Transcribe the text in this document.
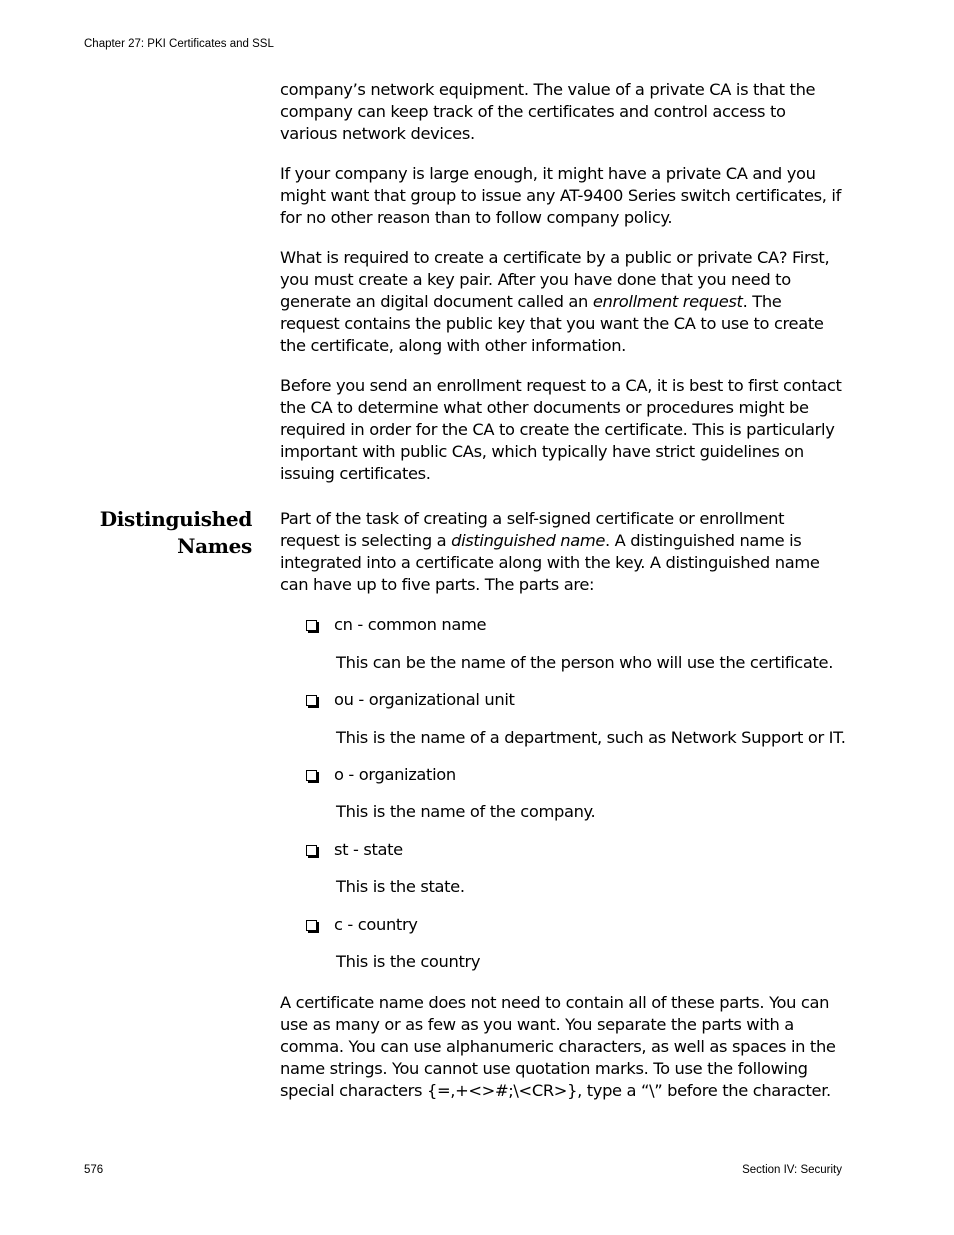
Chapter 27: PKI Certificates and SSL

company’s network equipment. The value of a private CA is that the company can keep track of the certificates and control access to various network devices.

If your company is large enough, it might have a private CA and you might want that group to issue any AT-9400 Series switch certificates, if for no other reason than to follow company policy.

What is required to create a certificate by a public or private CA? First, you must create a key pair. After you have done that you need to generate an digital document called an enrollment request. The request contains the public key that you want the CA to use to create the certificate, along with other information.

Before you send an enrollment request to a CA, it is best to first contact the CA to determine what other documents or procedures might be required in order for the CA to create the certificate. This is particularly important with public CAs, which typically have strict guidelines on issuing certificates.

Distinguished
Names

Part of the task of creating a self-signed certificate or enrollment request is selecting a distinguished name. A distinguished name is integrated into a certificate along with the key. A distinguished name can have up to five parts. The parts are:

cn - common name
This can be the name of the person who will use the certificate.
ou - organizational unit
This is the name of a department, such as Network Support or IT.
o - organization
This is the name of the company.
st - state
This is the state.
c - country
This is the country

A certificate name does not need to contain all of these parts. You can use as many or as few as you want. You separate the parts with a comma. You can use alphanumeric characters, as well as spaces in the name strings. You cannot use quotation marks. To use the following special characters {=,+<>#;\<CR>}, type a “\” before the character.

576	Section IV: Security
